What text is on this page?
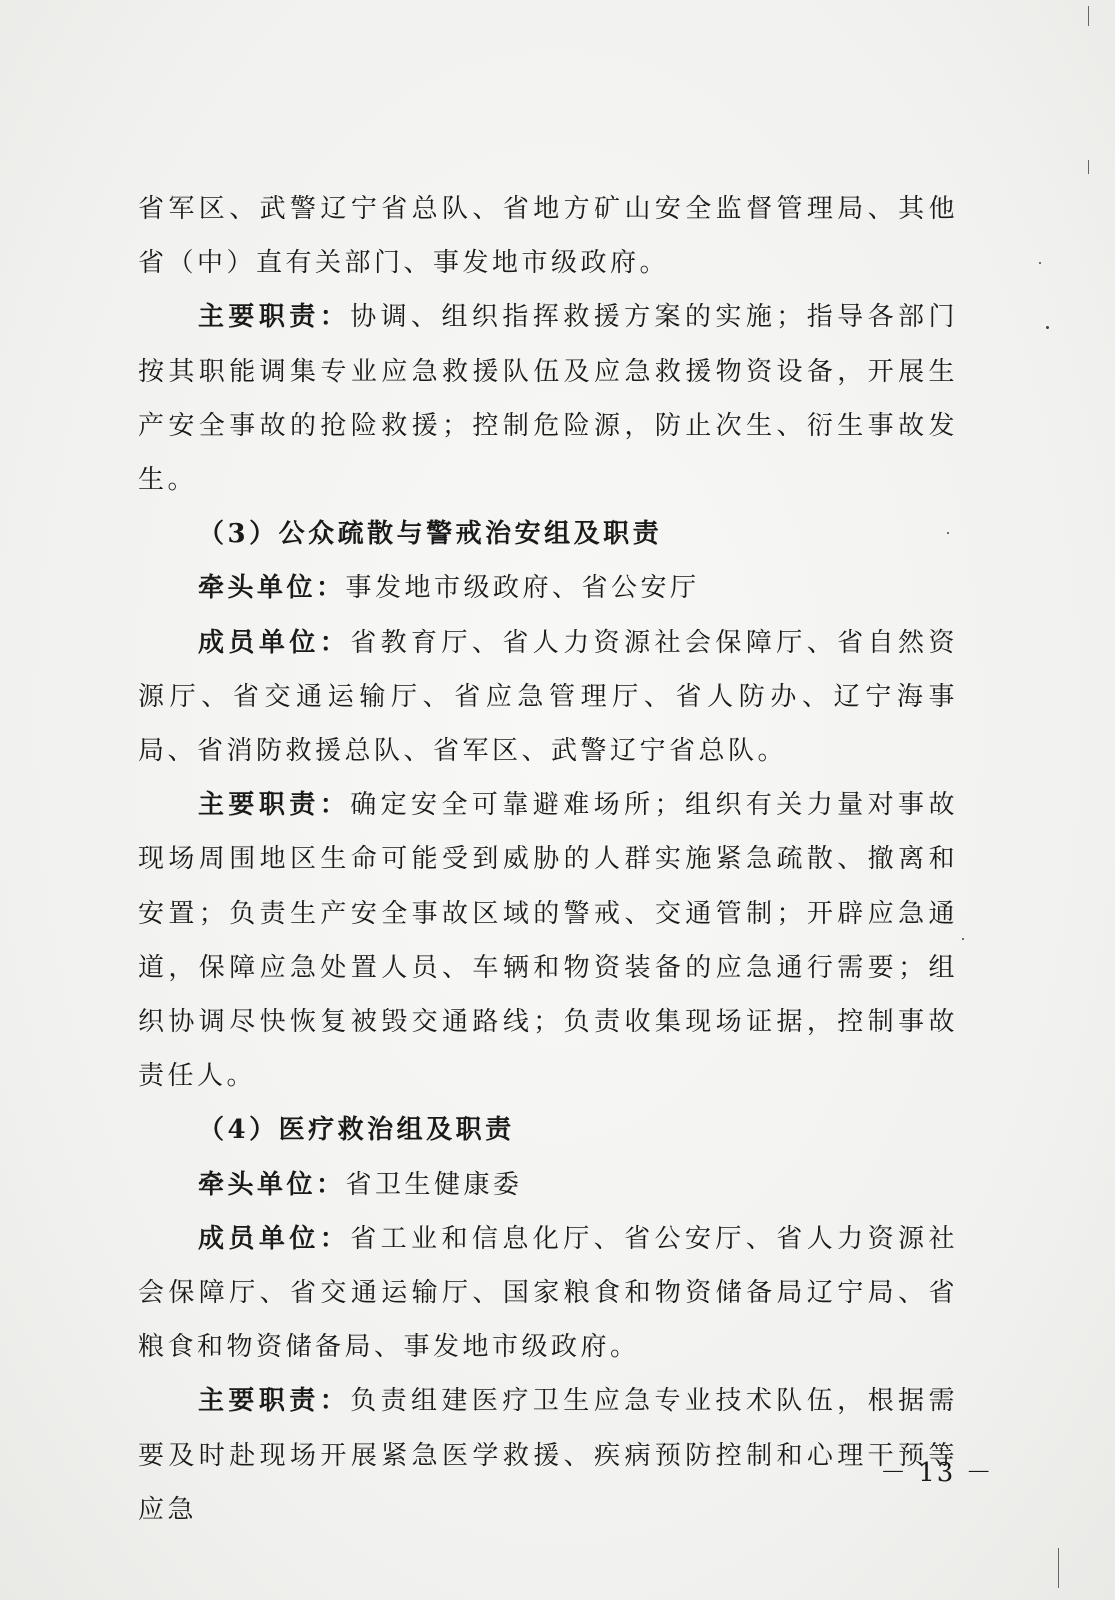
省军区、武警辽宁省总队、省地方矿山安全监督管理局、其他省（中）直有关部门、事发地市级政府。

主要职责：协调、组织指挥救援方案的实施；指导各部门按其职能调集专业应急救援队伍及应急救援物资设备，开展生产安全事故的抢险救援；控制危险源，防止次生、衍生事故发生。

（3）公众疏散与警戒治安组及职责

牵头单位：事发地市级政府、省公安厅

成员单位：省教育厅、省人力资源社会保障厅、省自然资源厅、省交通运输厅、省应急管理厅、省人防办、辽宁海事局、省消防救援总队、省军区、武警辽宁省总队。

主要职责：确定安全可靠避难场所；组织有关力量对事故现场周围地区生命可能受到威胁的人群实施紧急疏散、撤离和安置；负责生产安全事故区域的警戒、交通管制；开辟应急通道，保障应急处置人员、车辆和物资装备的应急通行需要；组织协调尽快恢复被毁交通路线；负责收集现场证据，控制事故责任人。

（4）医疗救治组及职责

牵头单位：省卫生健康委

成员单位：省工业和信息化厅、省公安厅、省人力资源社会保障厅、省交通运输厅、国家粮食和物资储备局辽宁局、省粮食和物资储备局、事发地市级政府。

主要职责：负责组建医疗卫生应急专业技术队伍，根据需要及时赴现场开展紧急医学救援、疾病预防控制和心理干预等应急

－ 13 －
